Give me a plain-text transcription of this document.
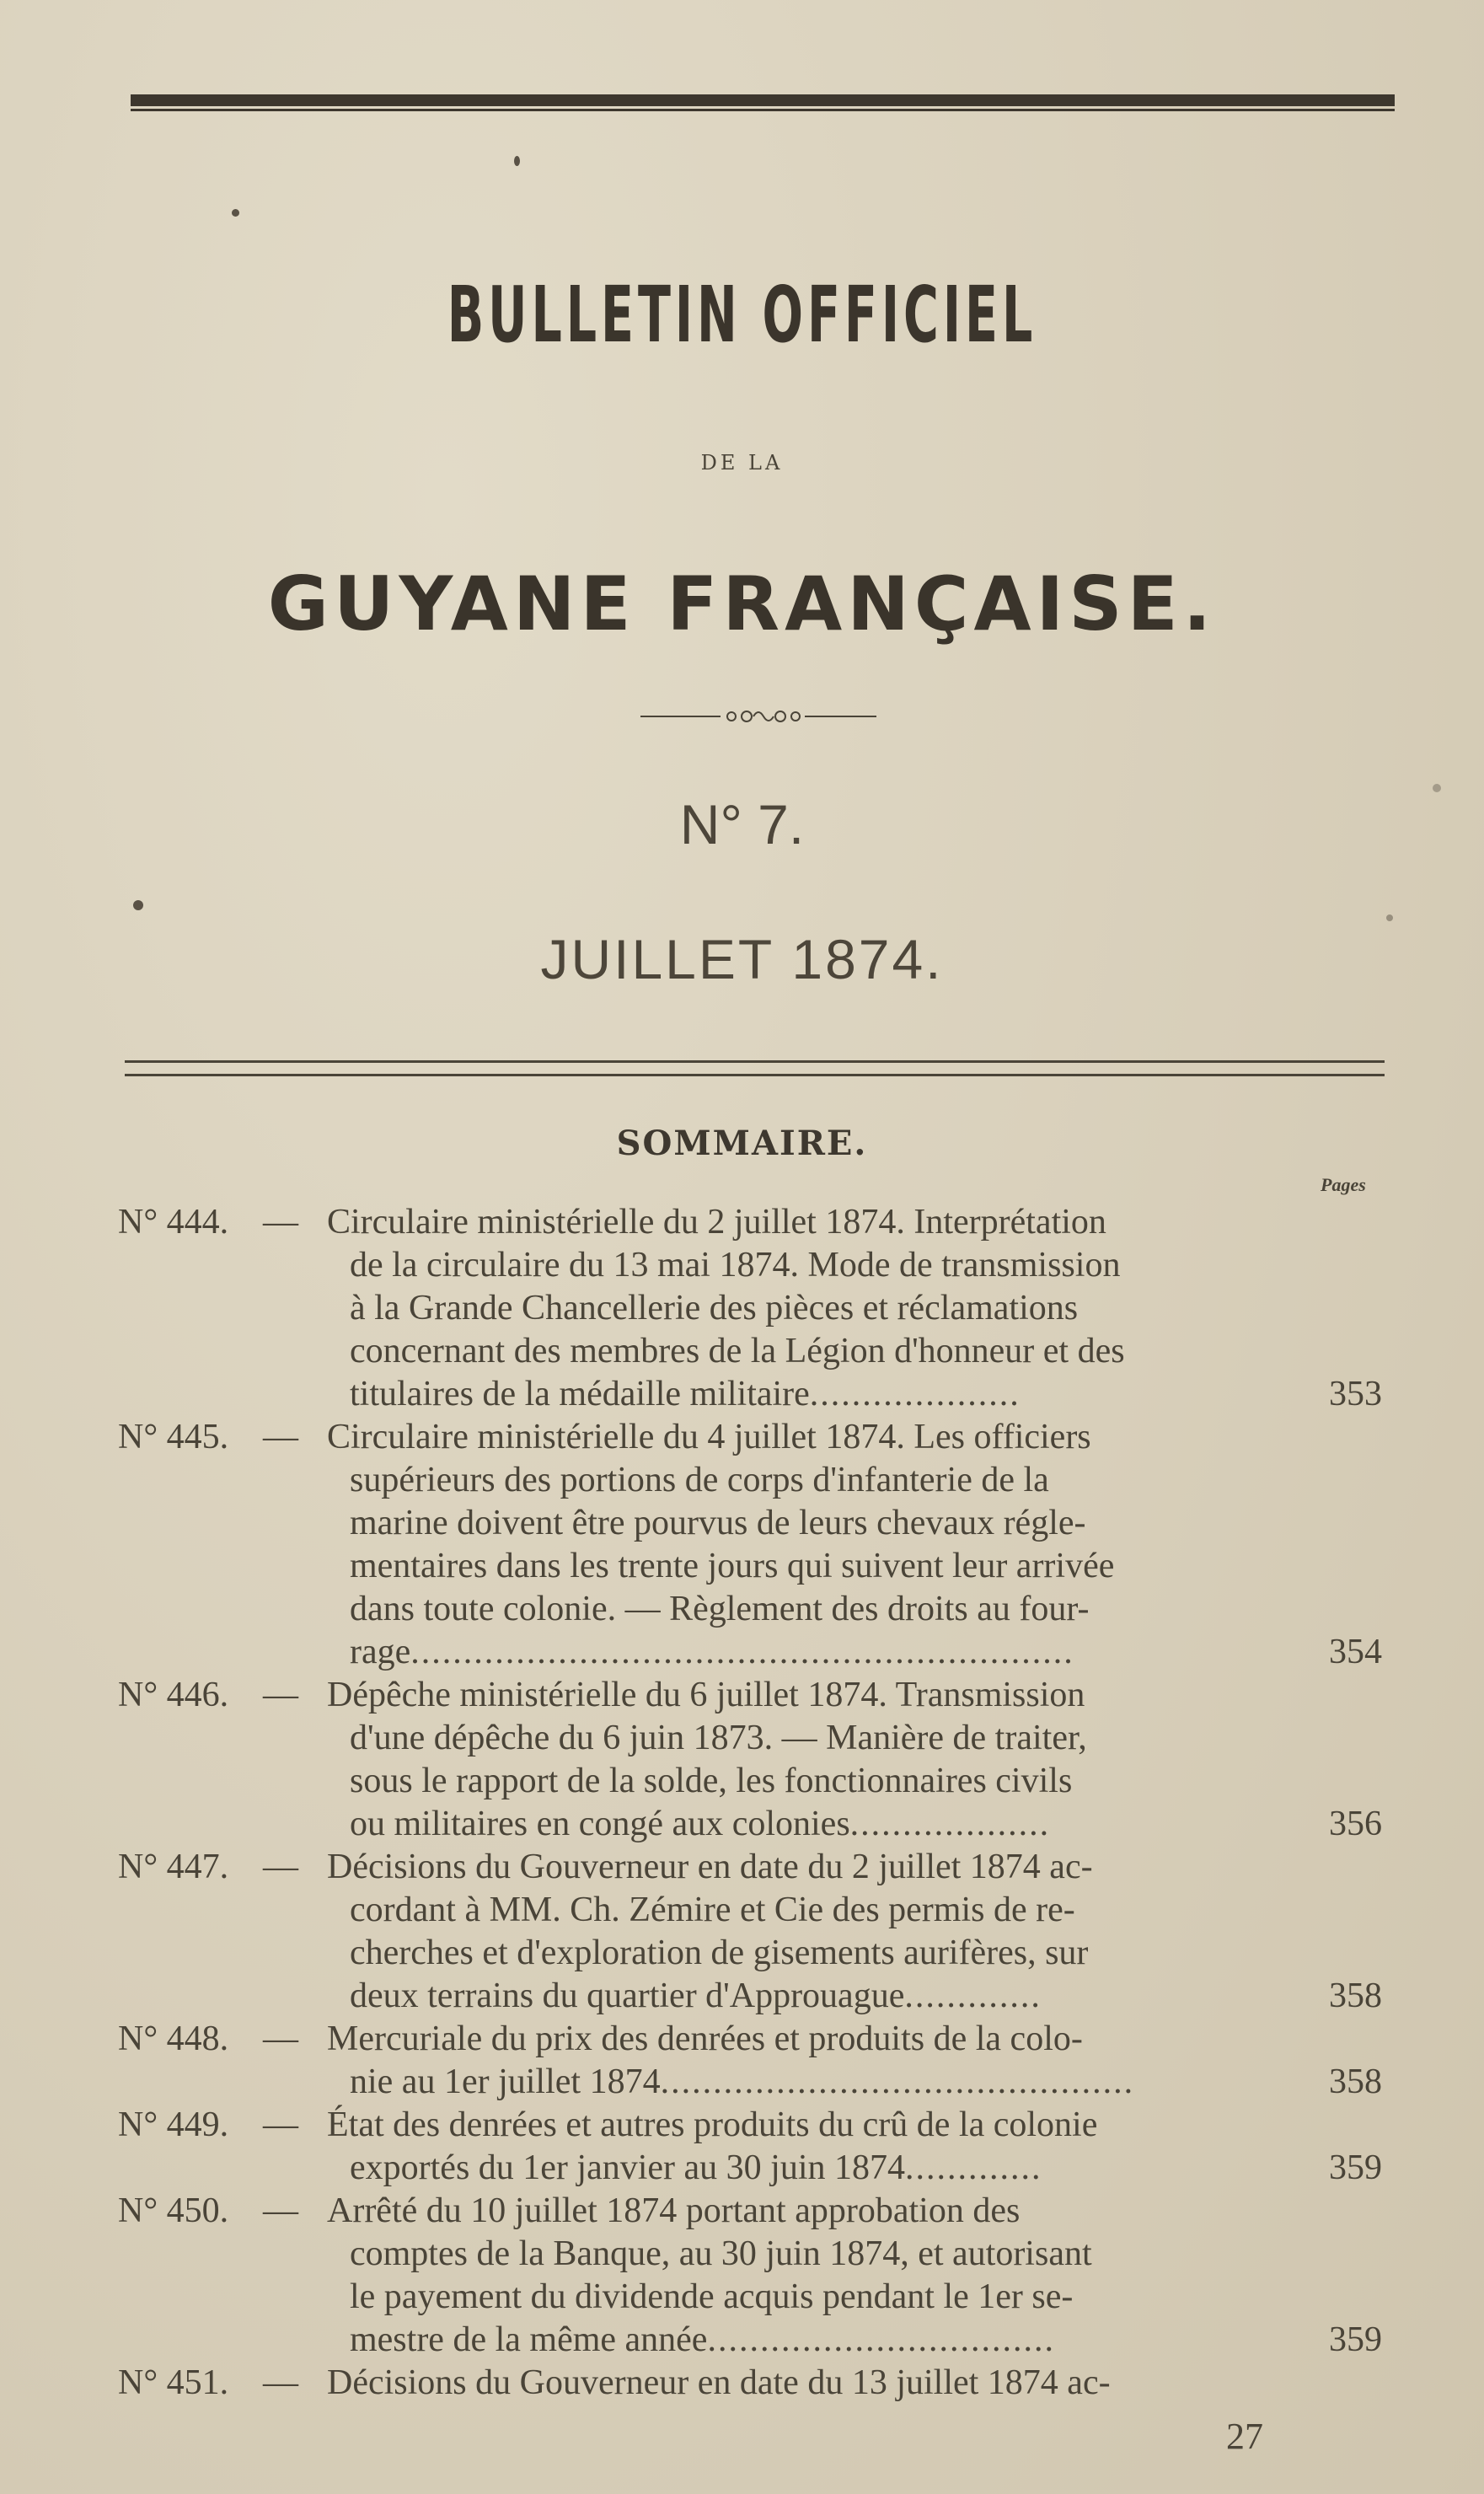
BULLETIN OFFICIEL
DE LA
GUYANE FRANÇAISE.
N° 7.
JUILLET 1874.
SOMMAIRE.
Pages
N° 444. — Circulaire ministérielle du 2 juillet 1874. Interprétation
de la circulaire du 13 mai 1874. Mode de transmission
à la Grande Chancellerie des pièces et réclamations
concernant des membres de la Légion d'honneur et des
titulaires de la médaille militaire....................	353
N° 445. — Circulaire ministérielle du 4 juillet 1874. Les officiers
supérieurs des portions de corps d'infanterie de la
marine doivent être pourvus de leurs chevaux régle-
mentaires dans les trente jours qui suivent leur arrivée
dans toute colonie. — Règlement des droits au four-
rage...............................................................	354
N° 446. — Dépêche ministérielle du 6 juillet 1874. Transmission
d'une dépêche du 6 juin 1873. — Manière de traiter,
sous le rapport de la solde, les fonctionnaires civils
ou militaires en congé aux colonies...................	356
N° 447. — Décisions du Gouverneur en date du 2 juillet 1874 ac-
cordant à MM. Ch. Zémire et Cie des permis de re-
cherches et d'exploration de gisements aurifères, sur
deux terrains du quartier d'Approuague.............	358
N° 448. — Mercuriale du prix des denrées et produits de la colo-
nie au 1er juillet 1874.............................................	358
N° 449. — État des denrées et autres produits du crû de la colonie
exportés du 1er janvier au 30 juin 1874.............	359
N° 450. — Arrêté du 10 juillet 1874 portant approbation des
comptes de la Banque, au 30 juin 1874, et autorisant
le payement du dividende acquis pendant le 1er se-
mestre de la même année.................................	359
N° 451. — Décisions du Gouverneur en date du 13 juillet 1874 ac-
27
